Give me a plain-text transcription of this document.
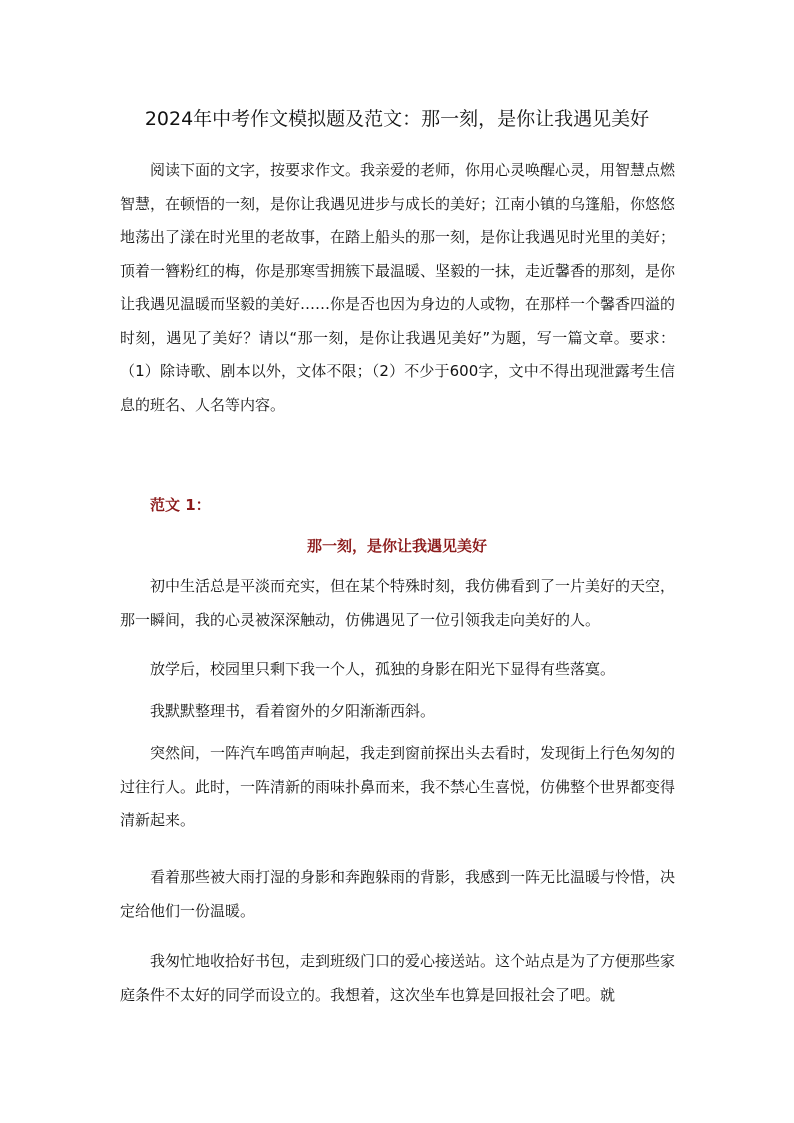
2024年中考作文模拟题及范文：那一刻，是你让我遇见美好

阅读下面的文字，按要求作文。我亲爱的老师，你用心灵唤醒心灵，用智慧点燃智慧，在顿悟的一刻，是你让我遇见进步与成长的美好；江南小镇的乌篷船，你悠悠地荡出了漾在时光里的老故事，在踏上船头的那一刻，是你让我遇见时光里的美好；顶着一簪粉红的梅，你是那寒雪拥簇下最温暖、坚毅的一抹，走近馨香的那刻，是你让我遇见温暖而坚毅的美好……你是否也因为身边的人或物，在那样一个馨香四溢的时刻，遇见了美好？请以“那一刻，是你让我遇见美好”为题，写一篇文章。要求：（1）除诗歌、剧本以外，文体不限；（2）不少于600字，文中不得出现泄露考生信息的班名、人名等内容。

范文 1：
那一刻，是你让我遇见美好

初中生活总是平淡而充实，但在某个特殊时刻，我仿佛看到了一片美好的天空，那一瞬间，我的心灵被深深触动，仿佛遇见了一位引领我走向美好的人。

放学后，校园里只剩下我一个人，孤独的身影在阳光下显得有些落寞。

我默默整理书，看着窗外的夕阳渐渐西斜。

突然间，一阵汽车鸣笛声响起，我走到窗前探出头去看时，发现街上行色匆匆的过往行人。此时，一阵清新的雨味扑鼻而来，我不禁心生喜悦，仿佛整个世界都变得清新起来。

看着那些被大雨打湿的身影和奔跑躲雨的背影，我感到一阵无比温暖与怜惜，决定给他们一份温暖。

我匆忙地收拾好书包，走到班级门口的爱心接送站。这个站点是为了方便那些家庭条件不太好的同学而设立的。我想着，这次坐车也算是回报社会了吧。就
